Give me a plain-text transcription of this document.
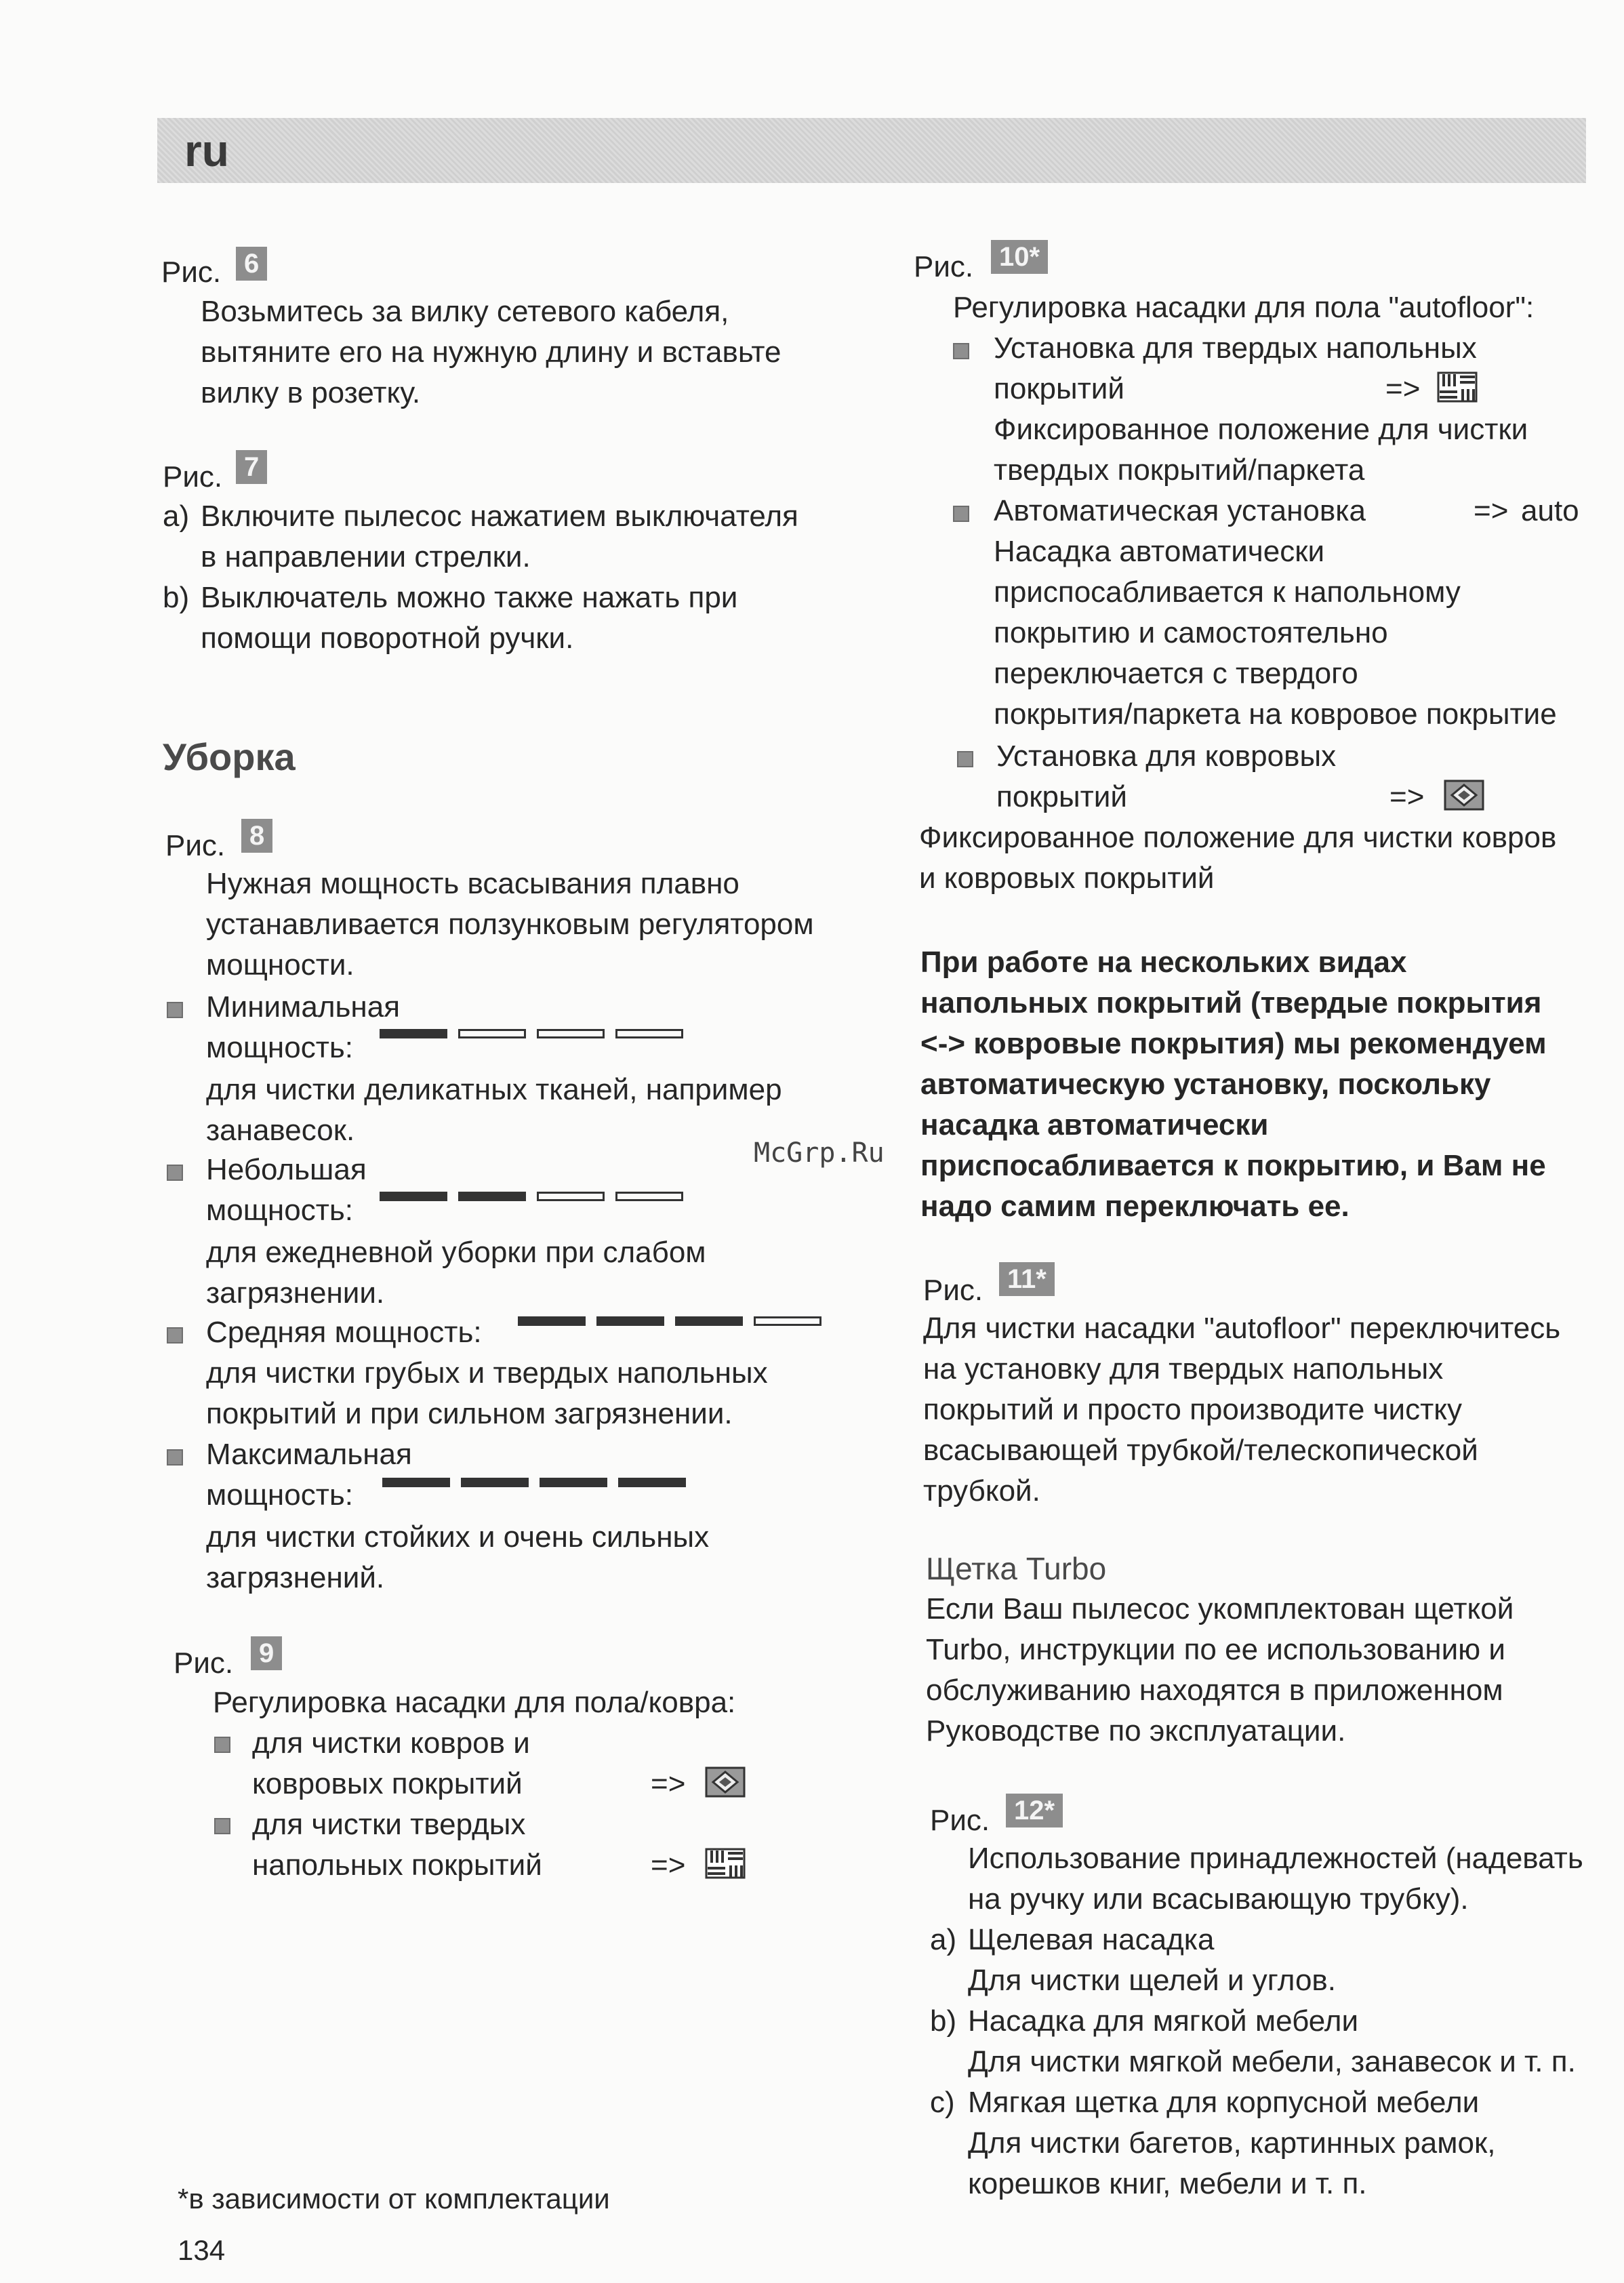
ru
Рис. 6
Возьмитесь за вилку сетевого кабеля,
вытяните его на нужную длину и вставьте
вилку в розетку.
Рис. 7
a) Включите пылесос нажатием выключателя
в направлении стрелки.
b) Выключатель можно также нажать при
помощи поворотной ручки.
Уборка
Рис. 8
Нужная мощность всасывания плавно
устанавливается ползунковым регулятором
мощности.
Минимальная
мощность:
для чистки деликатных тканей, например
занавесок.
Небольшая
мощность:
для ежедневной уборки при слабом
загрязнении.
Средняя мощность:
для чистки грубых и твердых напольных
покрытий и при сильном загрязнении.
Максимальная
мощность:
для чистки стойких и очень сильных
загрязнений.
Рис. 9
Регулировка насадки для пола/ковра:
для чистки ковров и
ковровых покрытий	=>
для чистки твердых
напольных покрытий	=>
Рис. 10*
Регулировка насадки для пола "autofloor":
Установка для твердых напольных
покрытий	=>
Фиксированное положение для чистки
твердых покрытий/паркета
Автоматическая установка	=> auto
Насадка автоматически
приспосабливается к напольному
покрытию и самостоятельно
переключается с твердого
покрытия/паркета на ковровое покрытие
Установка для ковровых
покрытий	=>
Фиксированное положение для чистки ковров
и ковровых покрытий
При работе на нескольких видах
напольных покрытий (твердые покрытия
<-> ковровые покрытия) мы рекомендуем
автоматическую установку, поскольку
насадка автоматически
приспосабливается к покрытию, и Вам не
надо самим переключать ее.
Рис. 11*
Для чистки насадки "autofloor" переключитесь
на установку для твердых напольных
покрытий и просто производите чистку
всасывающей трубкой/телескопической
трубкой.
Щетка Turbo
Если Ваш пылесос укомплектован щеткой
Turbo, инструкции по ее использованию и
обслуживанию находятся в приложенном
Руководстве по эксплуатации.
Рис. 12*
Использование принадлежностей (надевать
на ручку или всасывающую трубку).
a) Щелевая насадка
Для чистки щелей и углов.
b) Насадка для мягкой мебели
Для чистки мягкой мебели, занавесок и т. п.
c) Мягкая щетка для корпусной мебели
Для чистки багетов, картинных рамок,
корешков книг, мебели и т. п.
McGrp.Ru
*в зависимости от комплектации
134
